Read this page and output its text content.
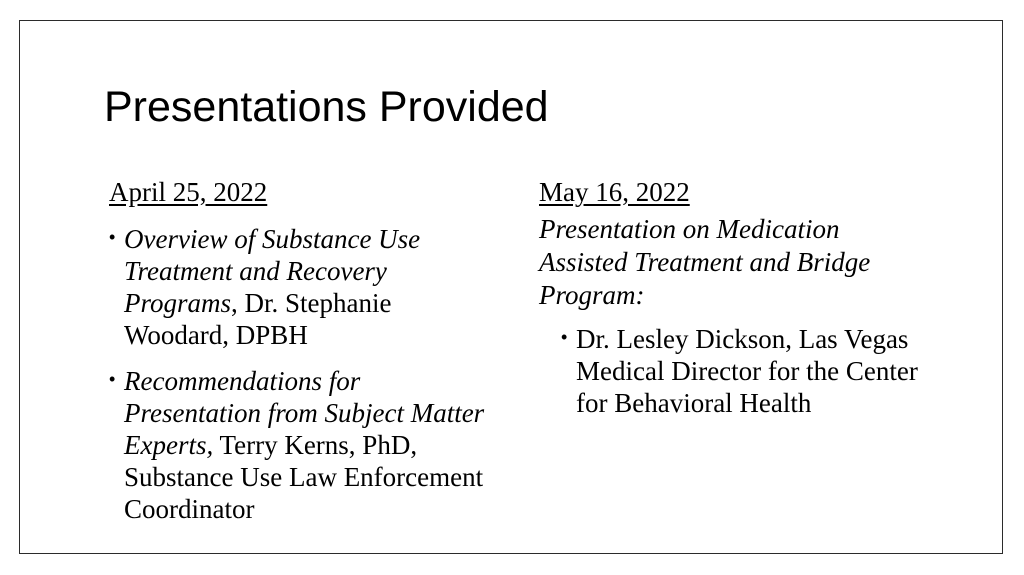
Presentations Provided
April 25, 2022
• Overview of Substance Use Treatment and Recovery Programs, Dr. Stephanie Woodard, DPBH
• Recommendations for Presentation from Subject Matter Experts, Terry Kerns, PhD, Substance Use Law Enforcement Coordinator
May 16, 2022
Presentation on Medication Assisted Treatment and Bridge Program:
• Dr. Lesley Dickson, Las Vegas Medical Director for the Center for Behavioral Health
